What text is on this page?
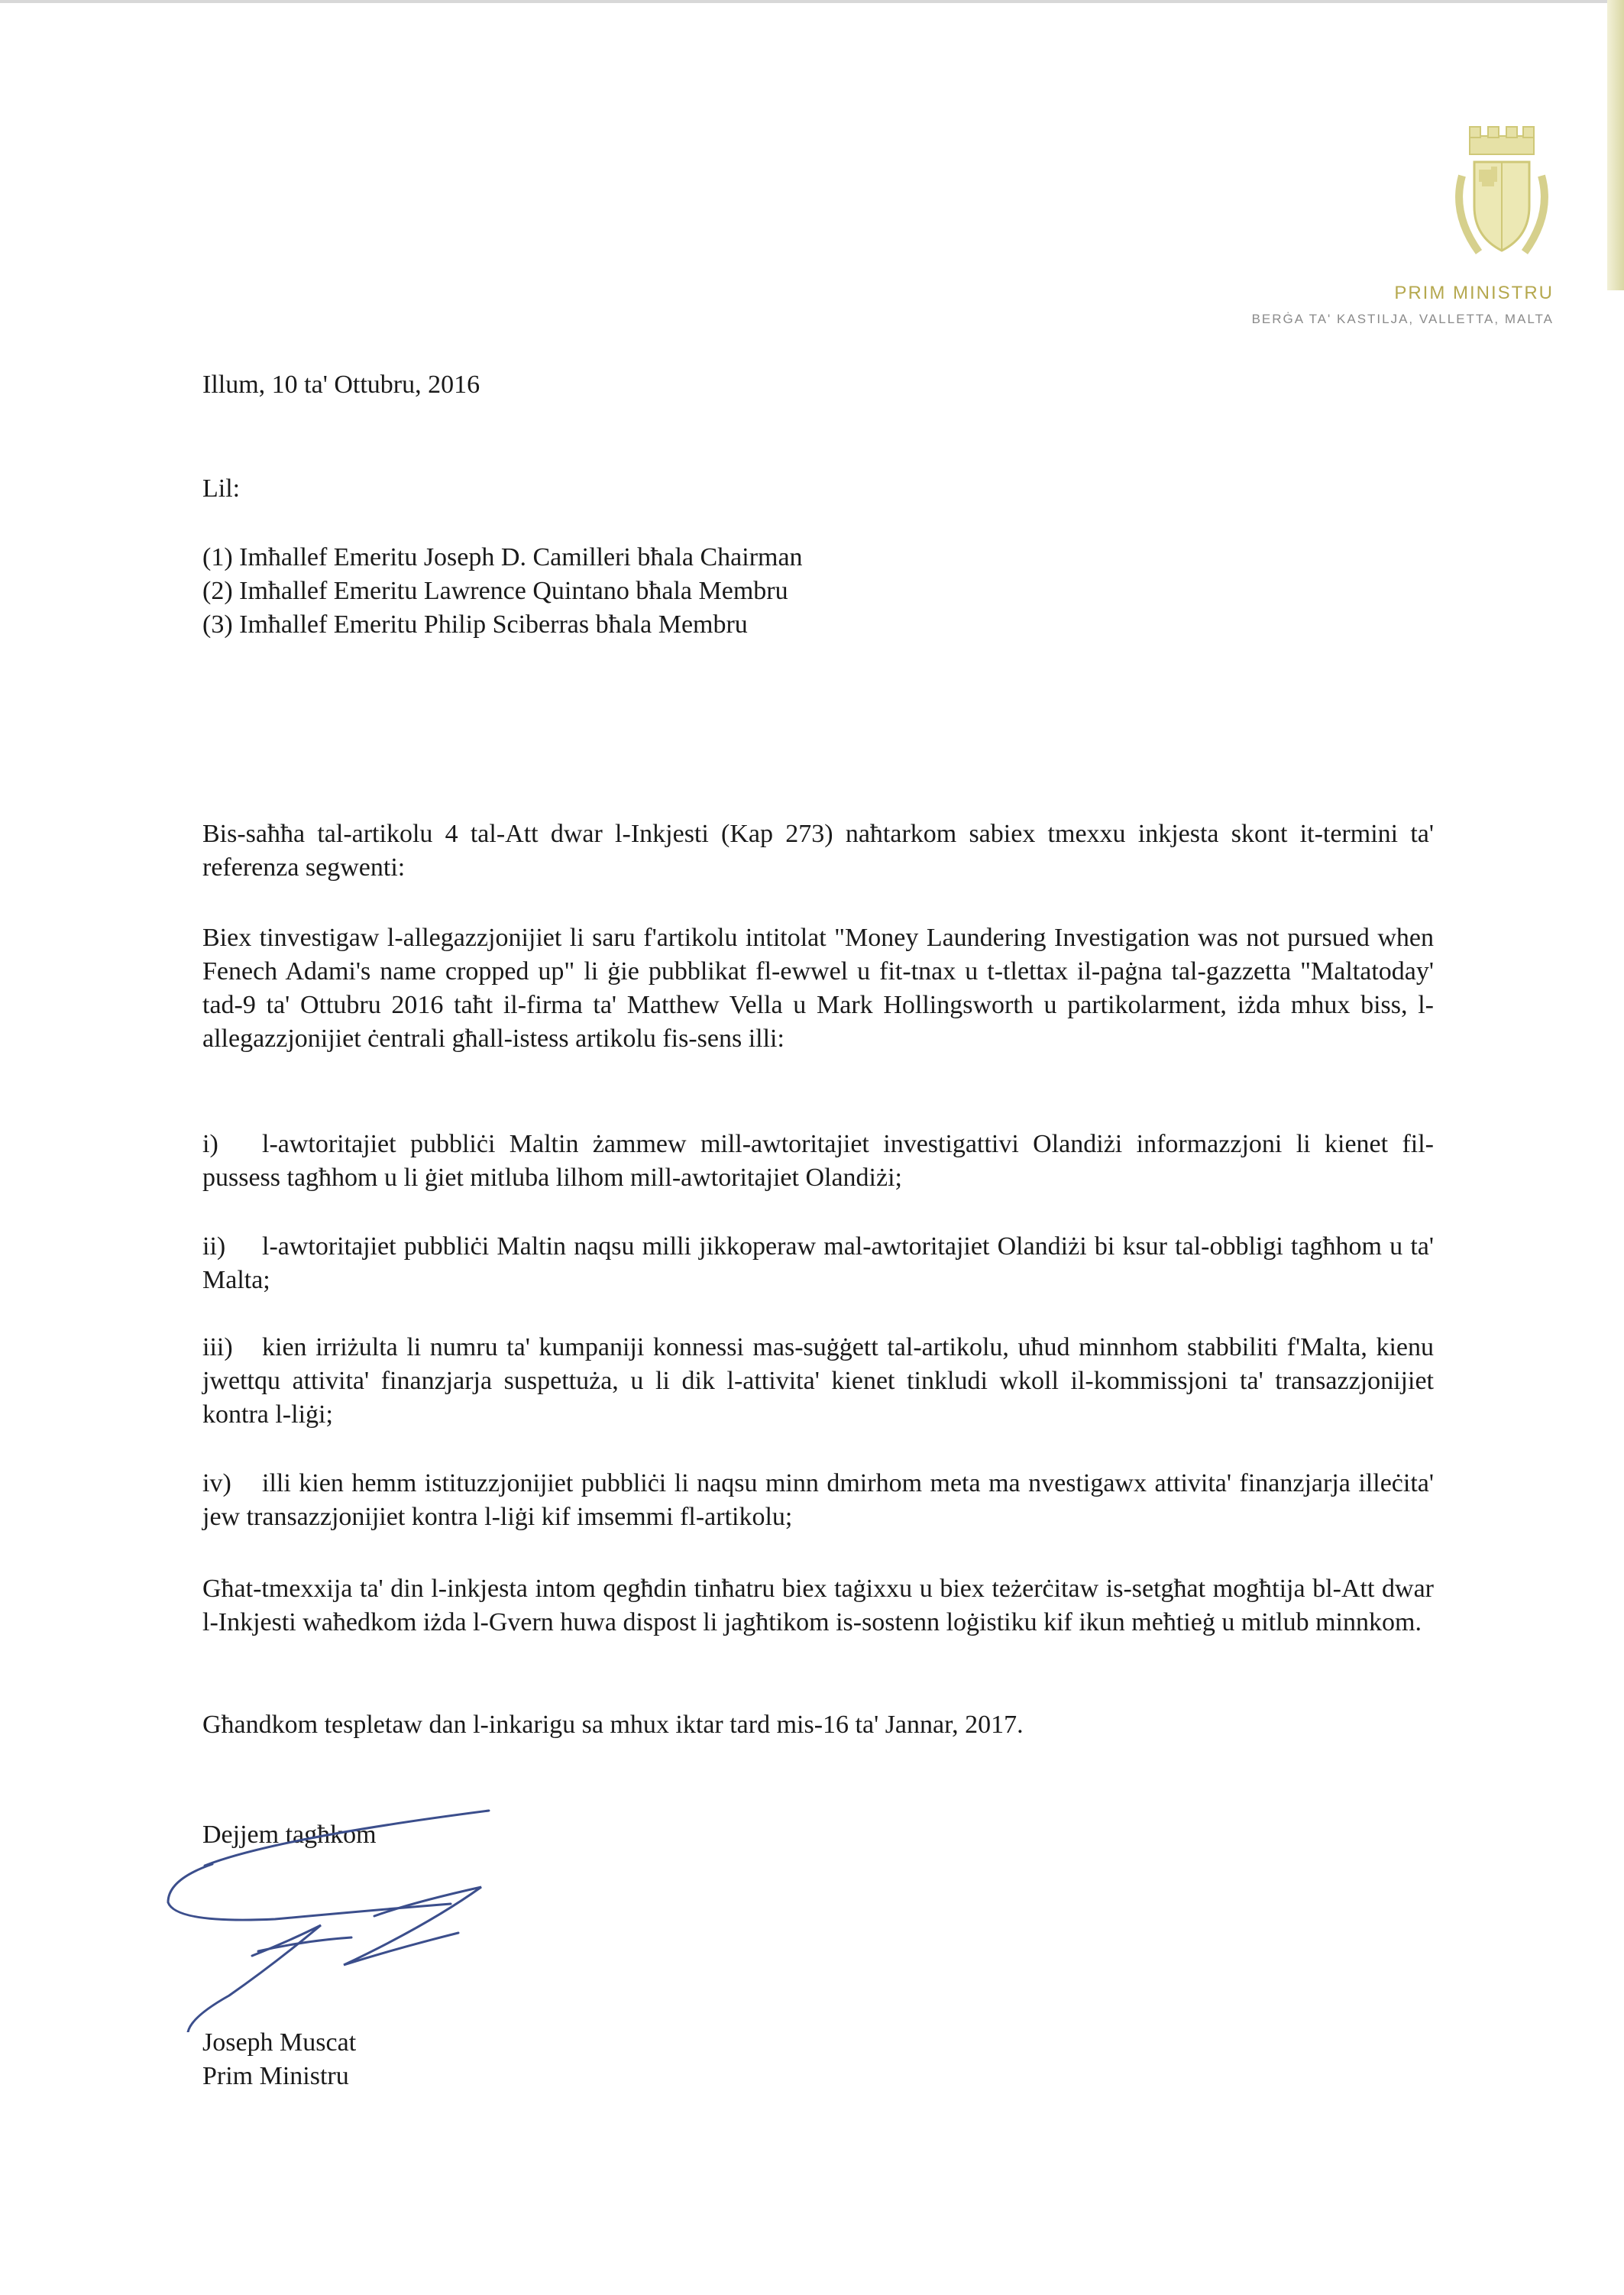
PRIM MINISTRU
BERĠA TA' KASTILJA, VALLETTA, MALTA

Illum, 10 ta' Ottubru, 2016

Lil:

(1) Imħallef Emeritu Joseph D. Camilleri bħala Chairman
(2) Imħallef Emeritu Lawrence Quintano bħala Membru
(3) Imħallef Emeritu Philip Sciberras bħala Membru

Bis-saħħa tal-artikolu 4 tal-Att dwar l-Inkjesti (Kap 273) naħtarkom sabiex tmexxu inkjesta skont it-termini ta' referenza segwenti:

Biex tinvestigaw l-allegazzjonijiet li saru f'artikolu intitolat "Money Laundering Investigation was not pursued when Fenech Adami's name cropped up" li ġie pubblikat fl-ewwel u fit-tnax u t-tlettax il-paġna tal-gazzetta "Maltatoday' tad-9 ta' Ottubru 2016 taħt il-firma ta' Matthew Vella u Mark Hollingsworth u partikolarment, iżda mhux biss, l-allegazzjonijiet ċentrali għall-istess artikolu fis-sens illi:

i) l-awtoritajiet pubbliċi Maltin żammew mill-awtoritajiet investigattivi Olandiżi informazzjoni li kienet fil-pussess tagħhom u li ġiet mitluba lilhom mill-awtoritajiet Olandiżi;
ii) l-awtoritajiet pubbliċi Maltin naqsu milli jikkoperaw mal-awtoritajiet Olandiżi bi ksur tal-obbligi tagħhom u ta' Malta;
iii) kien irriżulta li numru ta' kumpaniji konnessi mas-suġġett tal-artikolu, uħud minnhom stabbiliti f'Malta, kienu jwettqu attivita' finanzjarja suspettuża, u li dik l-attivita' kienet tinkludi wkoll il-kommissjoni ta' transazzjonijiet kontra l-liġi;
iv) illi kien hemm istituzzjonijiet pubbliċi li naqsu minn dmirhom meta ma nvestigawx attivita' finanzjarja illeċita' jew transazzjonijiet kontra l-liġi kif imsemmi fl-artikolu;

Għat-tmexxija ta' din l-inkjesta intom qegħdin tinħatru biex taġixxu u biex teżerċitaw is-setgħat mogħtija bl-Att dwar l-Inkjesti waħedkom iżda l-Gvern huwa dispost li jagħtikom is-sostenn loġistiku kif ikun meħtieġ u mitlub minnkom.

Għandkom tespletaw dan l-inkarigu sa mhux iktar tard mis-16 ta' Jannar, 2017.

Dejjem tagħkom

Joseph Muscat
Prim Ministru
